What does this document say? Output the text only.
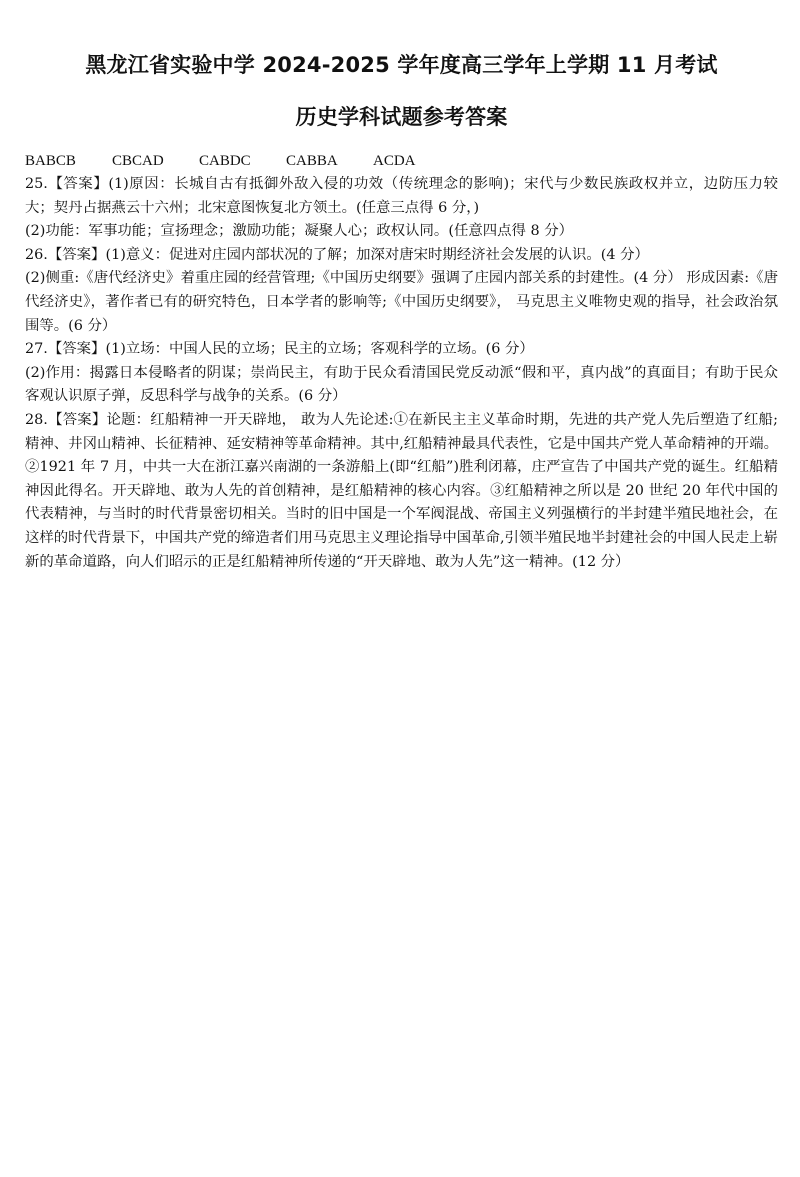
黑龙江省实验中学 2024-2025 学年度高三学年上学期 11 月考试
历史学科试题参考答案
BABCB	CBCAD	CABDC	CABBA	ACDA

25.【答案】(1)原因：长城自古有抵御外敌入侵的功效（传统理念的影响)；宋代与少数民族政权并立，边防压力较大；契丹占据燕云十六州；北宋意图恢复北方领土。(任意三点得 6 分，)

(2)功能：军事功能；宣扬理念；激励功能；凝聚人心；政权认同。(任意四点得 8 分）

26.【答案】(1)意义：促进对庄园内部状况的了解；加深对唐宋时期经济社会发展的认识。(4 分）

(2)侧重:《唐代经济史》着重庄园的经营管理;《中国历史纲要》强调了庄园内部关系的封建性。(4 分） 形成因素:《唐代经济史》，著作者已有的研究特色，日本学者的影响等;《中国历史纲要》， 马克思主义唯物史观的指导，社会政治氛围等。(6 分）

27.【答案】(1)立场：中国人民的立场；民主的立场；客观科学的立场。(6 分）

(2)作用：揭露日本侵略者的阴谋；崇尚民主，有助于民众看清国民党反动派“假和平，真内战”的真面目；有助于民众客观认识原子弹，反思科学与战争的关系。(6 分）

28.【答案】论题：红船精神一开天辟地， 敢为人先论述:①在新民主主义革命时期，先进的共产党人先后塑造了红船;精神、井冈山精神、长征精神、延安精神等革命精神。其中,红船精神最具代表性，它是中国共产党人革命精神的开端。②1921 年 7 月，中共一大在浙江嘉兴南湖的一条游船上(即“红船”)胜利闭幕，庄严宣告了中国共产党的诞生。红船精神因此得名。开天辟地、敢为人先的首创精神，是红船精神的核心内容。③红船精神之所以是 20 世纪 20 年代中国的代表精神，与当时的时代背景密切相关。当时的旧中国是一个军阀混战、帝国主义列强横行的半封建半殖民地社会，在这样的时代背景下，中国共产党的缔造者们用马克思主义理论指导中国革命,引领半殖民地半封建社会的中国人民走上崭新的革命道路，向人们昭示的正是红船精神所传递的“开天辟地、敢为人先”这一精神。(12 分）
